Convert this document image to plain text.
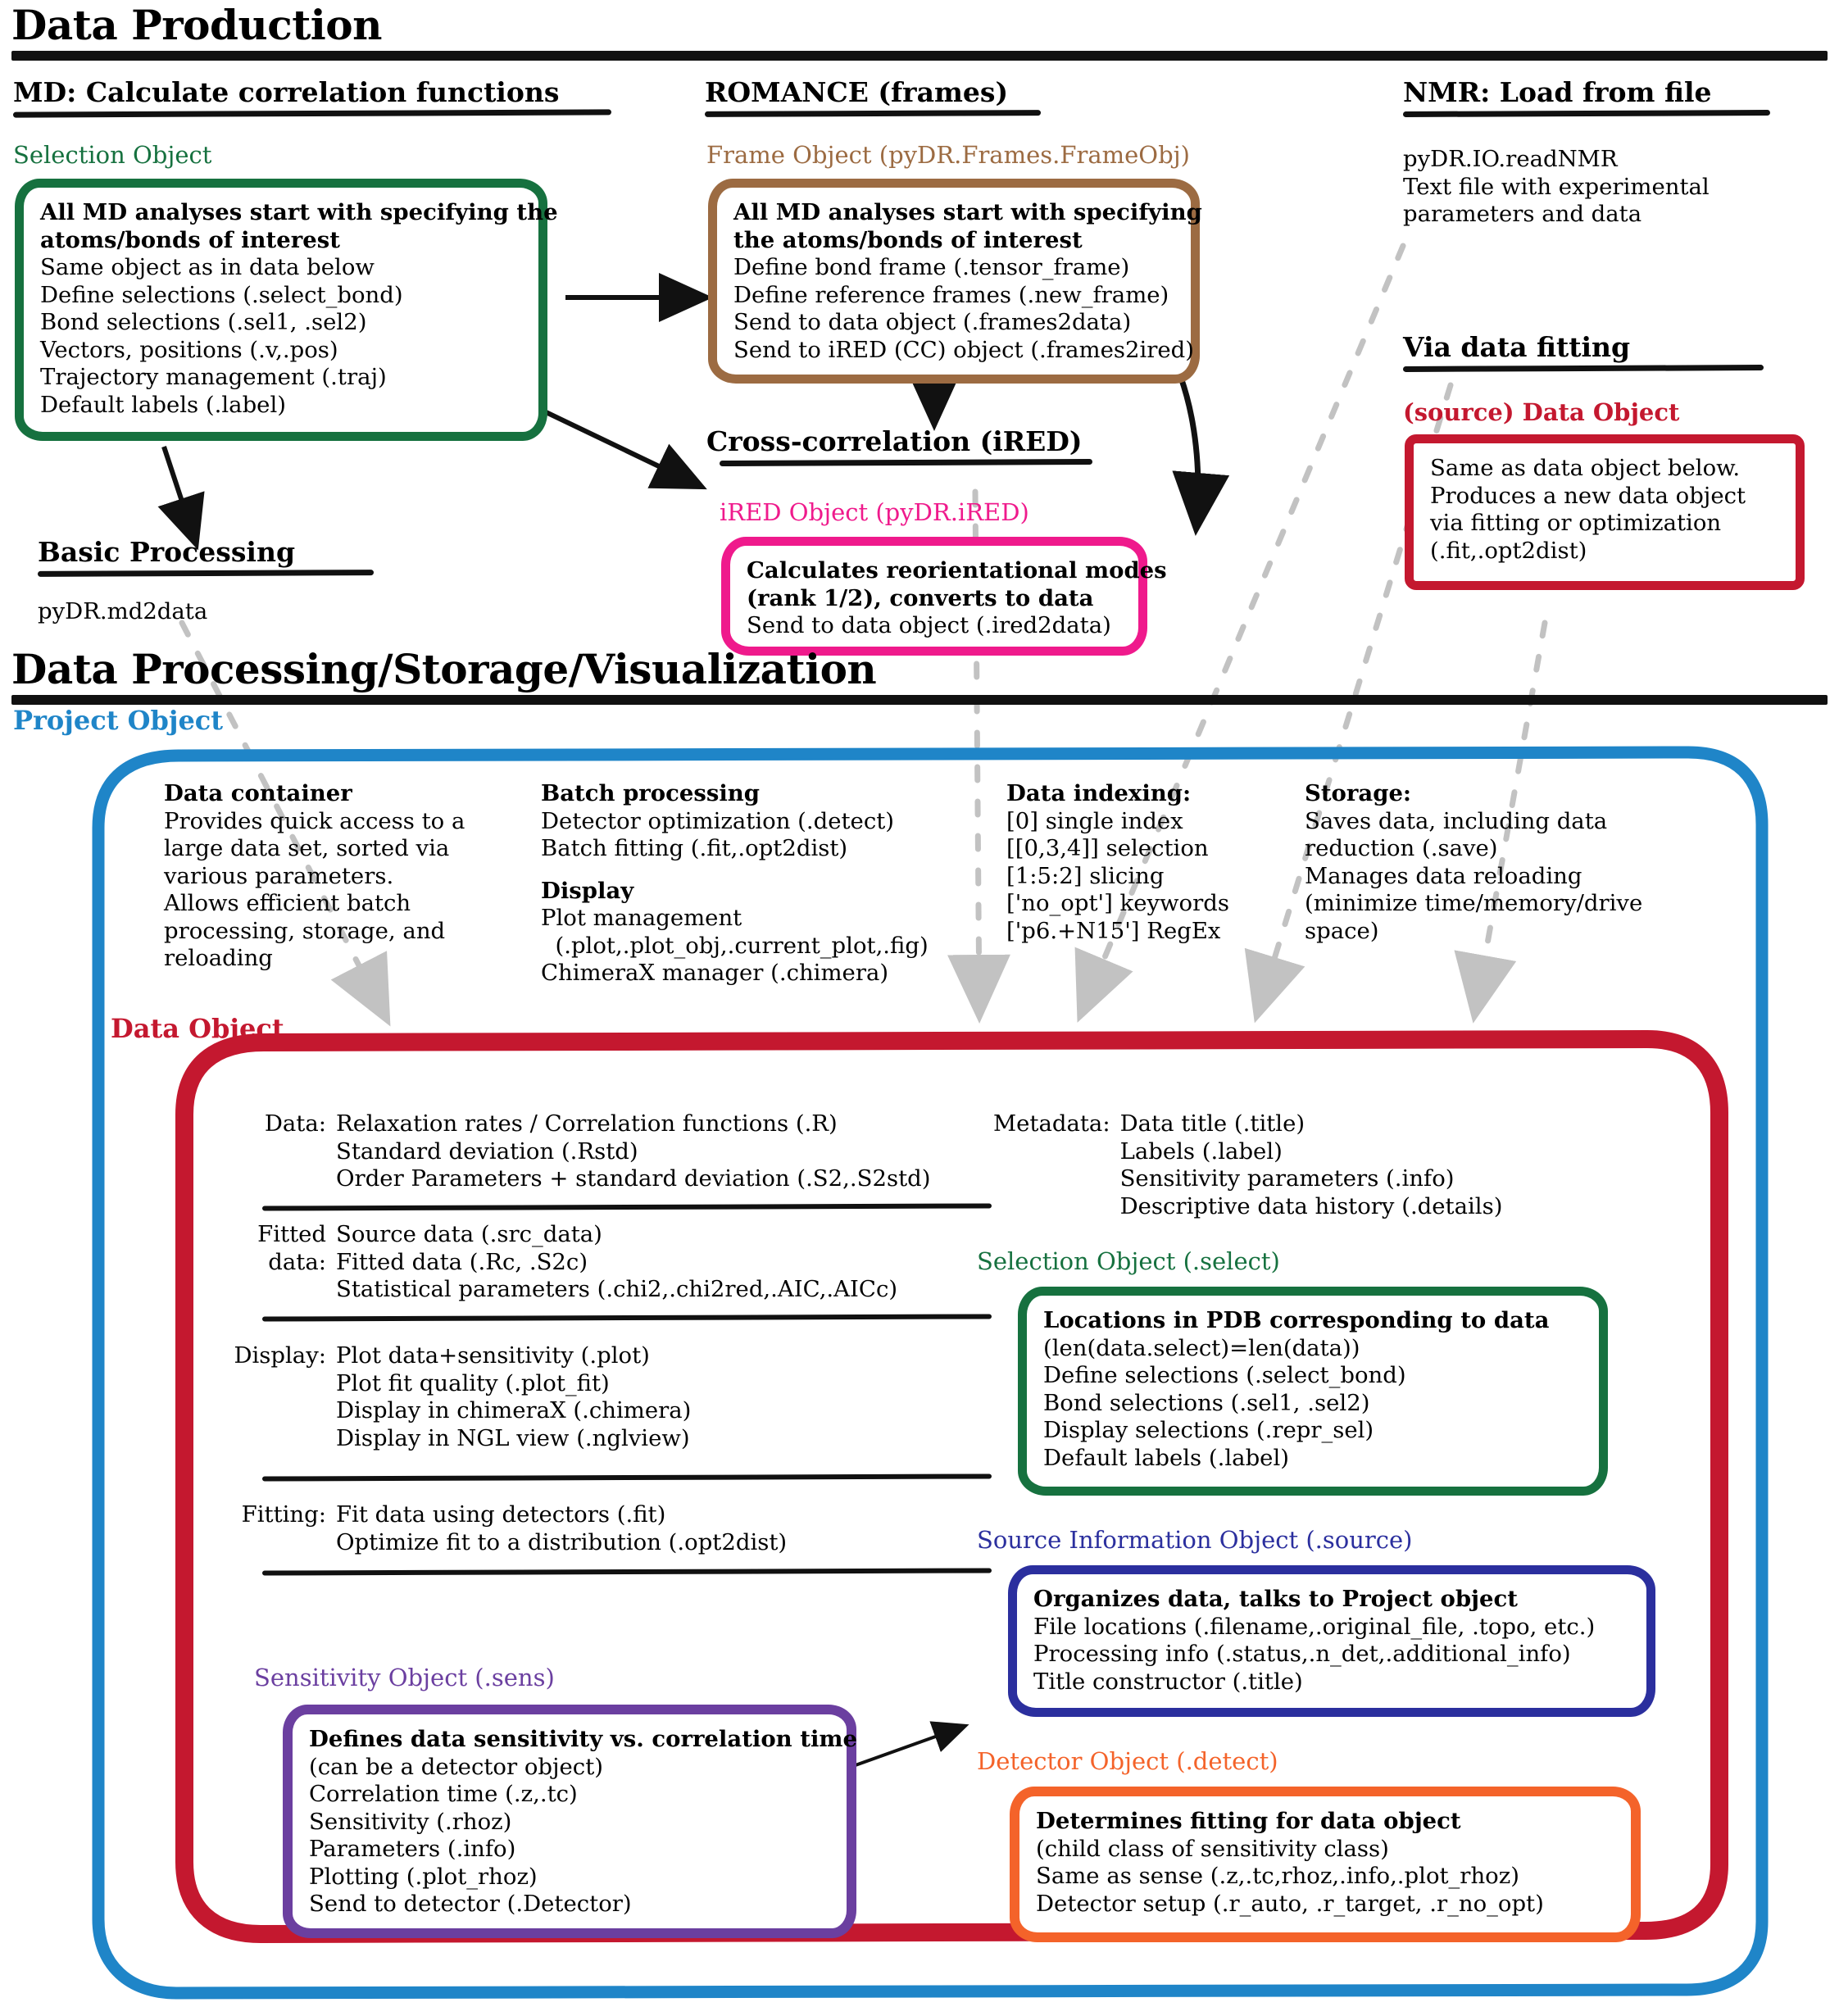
Data Production
MD: Calculate correlation functions
Selection Object
All MD analyses start with specifying the
atoms/bonds of interest
Same object as in data below
Define selections (.select_bond)
Bond selections (.sel1, .sel2)
Vectors, positions (.v,.pos)
Trajectory management (.traj)
Default labels (.label)
Basic Processing
pyDR.md2data
ROMANCE (frames)
Frame Object (pyDR.Frames.FrameObj)
All MD analyses start with specifying
the atoms/bonds of interest
Define bond frame (.tensor_frame)
Define reference frames (.new_frame)
Send to data object (.frames2data)
Send to iRED (CC) object (.frames2ired)
Cross-correlation (iRED)
iRED Object (pyDR.iRED)
Calculates reorientational modes
(rank 1/2), converts to data
Send to data object (.ired2data)
NMR: Load from file
pyDR.IO.readNMR
Text file with experimental
parameters and data
Via data fitting
(source) Data Object
Same as data object below.
Produces a new data object
via fitting or optimization
(.fit,.opt2dist)
Data Processing/Storage/Visualization
Project Object
Data container
Provides quick access to a
large data set, sorted via
various parameters.
Allows efficient batch
processing, storage, and
reloading
Batch processing
Detector optimization (.detect)
Batch fitting (.fit,.opt2dist)
Display
Plot management
(.plot,.plot_obj,.current_plot,.fig)
ChimeraX manager (.chimera)
Data indexing:
[0] single index
[[0,3,4]] selection
[1:5:2] slicing
['no_opt'] keywords
['p6.+N15'] RegEx
Storage:
Saves data, including data
reduction (.save)
Manages data reloading
(minimize time/memory/drive
space)
Data Object
Data: Relaxation rates / Correlation functions (.R)
Standard deviation (.Rstd)
Order Parameters + standard deviation (.S2,.S2std)
Fitted
data:
Source data (.src_data)
Fitted data (.Rc, .S2c)
Statistical parameters (.chi2,.chi2red,.AIC,.AICc)
Display: Plot data+sensitivity (.plot)
Plot fit quality (.plot_fit)
Display in chimeraX (.chimera)
Display in NGL view (.nglview)
Fitting: Fit data using detectors (.fit)
Optimize fit to a distribution (.opt2dist)
Metadata: Data title (.title)
Labels (.label)
Sensitivity parameters (.info)
Descriptive data history (.details)
Selection Object (.select)
Locations in PDB corresponding to data
(len(data.select)=len(data))
Define selections (.select_bond)
Bond selections (.sel1, .sel2)
Display selections (.repr_sel)
Default labels (.label)
Source Information Object (.source)
Organizes data, talks to Project object
File locations (.filename,.original_file, .topo, etc.)
Processing info (.status,.n_det,.additional_info)
Title constructor (.title)
Sensitivity Object (.sens)
Defines data sensitivity vs. correlation time
(can be a detector object)
Correlation time (.z,.tc)
Sensitivity (.rhoz)
Parameters (.info)
Plotting (.plot_rhoz)
Send to detector (.Detector)
Detector Object (.detect)
Determines fitting for data object
(child class of sensitivity class)
Same as sense (.z,.tc,rhoz,.info,.plot_rhoz)
Detector setup (.r_auto, .r_target, .r_no_opt)
